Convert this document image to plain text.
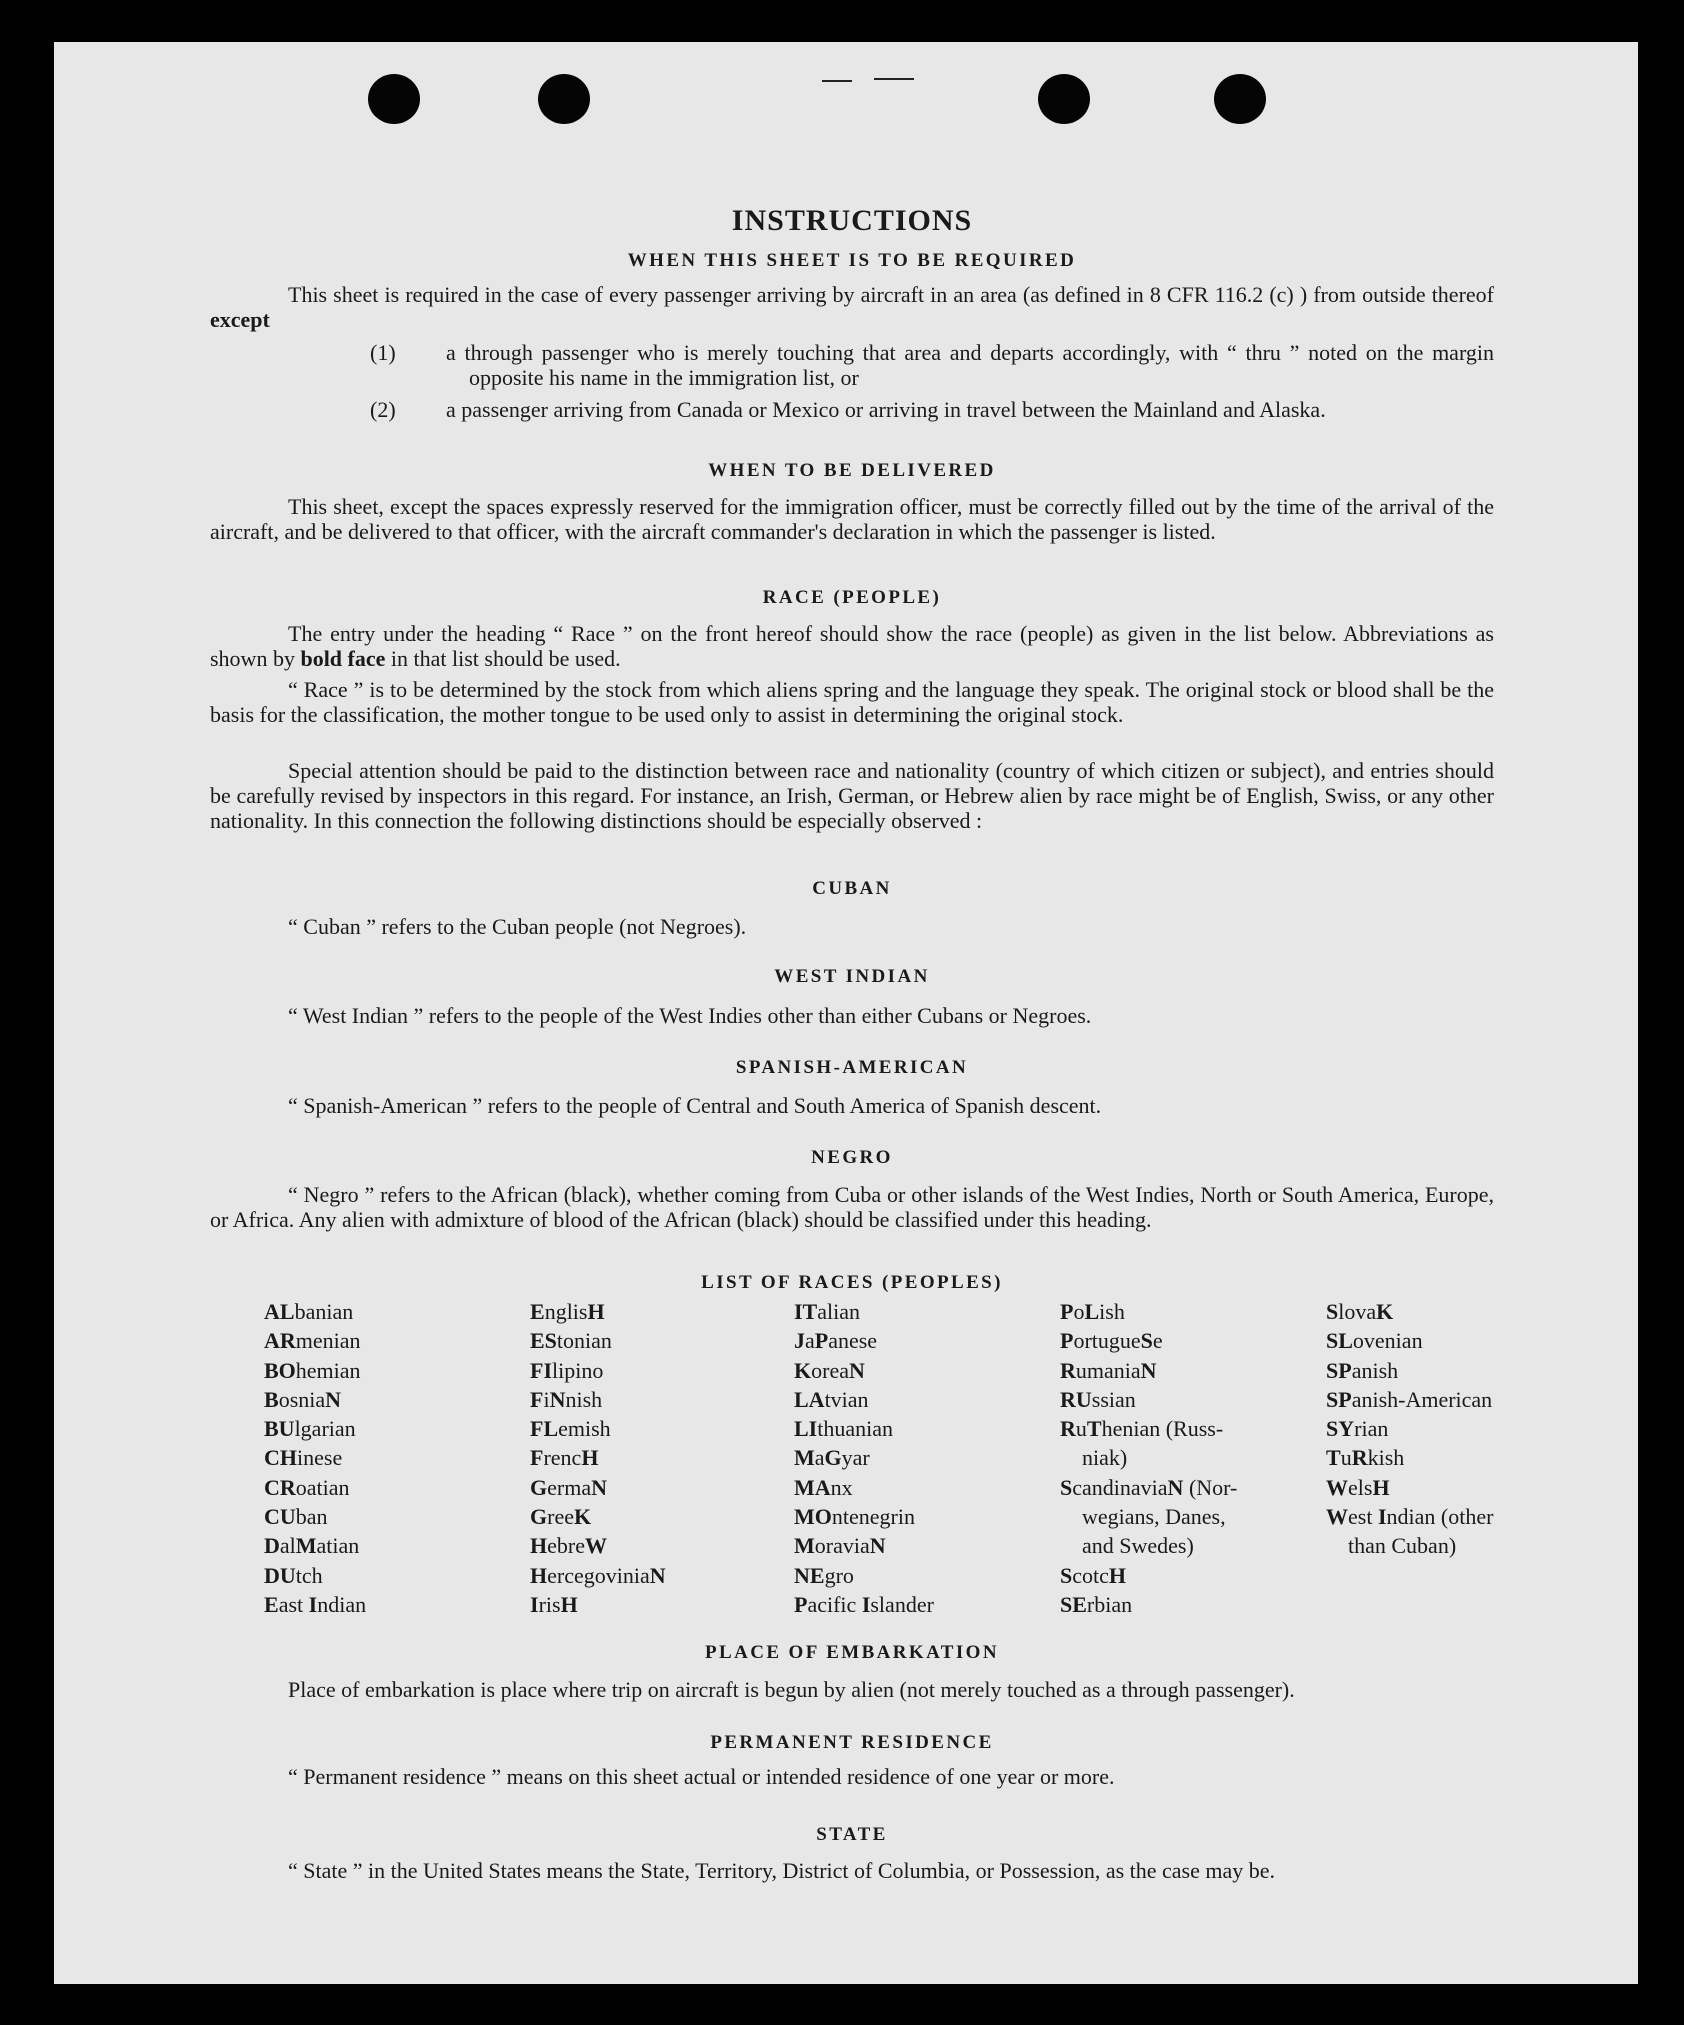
INSTRUCTIONS
WHEN THIS SHEET IS TO BE REQUIRED
This sheet is required in the case of every passenger arriving by aircraft in an area (as defined in 8 CFR 116.2 (c) ) from outside thereof except
(1) a through passenger who is merely touching that area and departs accordingly, with “ thru ” noted on the margin opposite his name in the immigration list, or
(2) a passenger arriving from Canada or Mexico or arriving in travel between the Mainland and Alaska.
WHEN TO BE DELIVERED
This sheet, except the spaces expressly reserved for the immigration officer, must be correctly filled out by the time of the arrival of the aircraft, and be delivered to that officer, with the aircraft commander's declaration in which the passenger is listed.
RACE (PEOPLE)
The entry under the heading “ Race ” on the front hereof should show the race (people) as given in the list below. Abbreviations as shown by bold face in that list should be used.
“ Race ” is to be determined by the stock from which aliens spring and the language they speak. The original stock or blood shall be the basis for the classification, the mother tongue to be used only to assist in determining the original stock.
Special attention should be paid to the distinction between race and nationality (country of which citizen or subject), and entries should be carefully revised by inspectors in this regard. For instance, an Irish, German, or Hebrew alien by race might be of English, Swiss, or any other nationality. In this connection the following distinctions should be especially observed :
CUBAN
“ Cuban ” refers to the Cuban people (not Negroes).
WEST INDIAN
“ West Indian ” refers to the people of the West Indies other than either Cubans or Negroes.
SPANISH-AMERICAN
“ Spanish-American ” refers to the people of Central and South America of Spanish descent.
NEGRO
“ Negro ” refers to the African (black), whether coming from Cuba or other islands of the West Indies, North or South America, Europe, or Africa. Any alien with admixture of blood of the African (black) should be classified under this heading.
LIST OF RACES (PEOPLES)
ALbanian
ARmenian
BOhemian
BosniaN
BUlgarian
CHinese
CRoatian
CUban
DalMatian
DUtch
East Indian
EnglisH
EStonian
FIlipino
FiNnish
FLemish
FrencH
GermaN
GreeK
HebreW
HercegoviniaN
IrisH
ITalian
JaPanese
KoreaN
LAtvian
LIthuanian
MaGyar
MAnx
MOntenegrin
MoraviaN
NEgro
Pacific Islander
PoLish
PortugueSe
RumaniaN
RUssian
RuThenian (Russ-
niak)
ScandinaviaN (Nor-
wegians, Danes,
and Swedes)
ScotcH
SErbian
SlovaK
SLovenian
SPanish
SPanish-American
SYrian
TuRkish
WelsH
West Indian (other
than Cuban)
PLACE OF EMBARKATION
Place of embarkation is place where trip on aircraft is begun by alien (not merely touched as a through passenger).
PERMANENT RESIDENCE
“ Permanent residence ” means on this sheet actual or intended residence of one year or more.
STATE
“ State ” in the United States means the State, Territory, District of Columbia, or Possession, as the case may be.
